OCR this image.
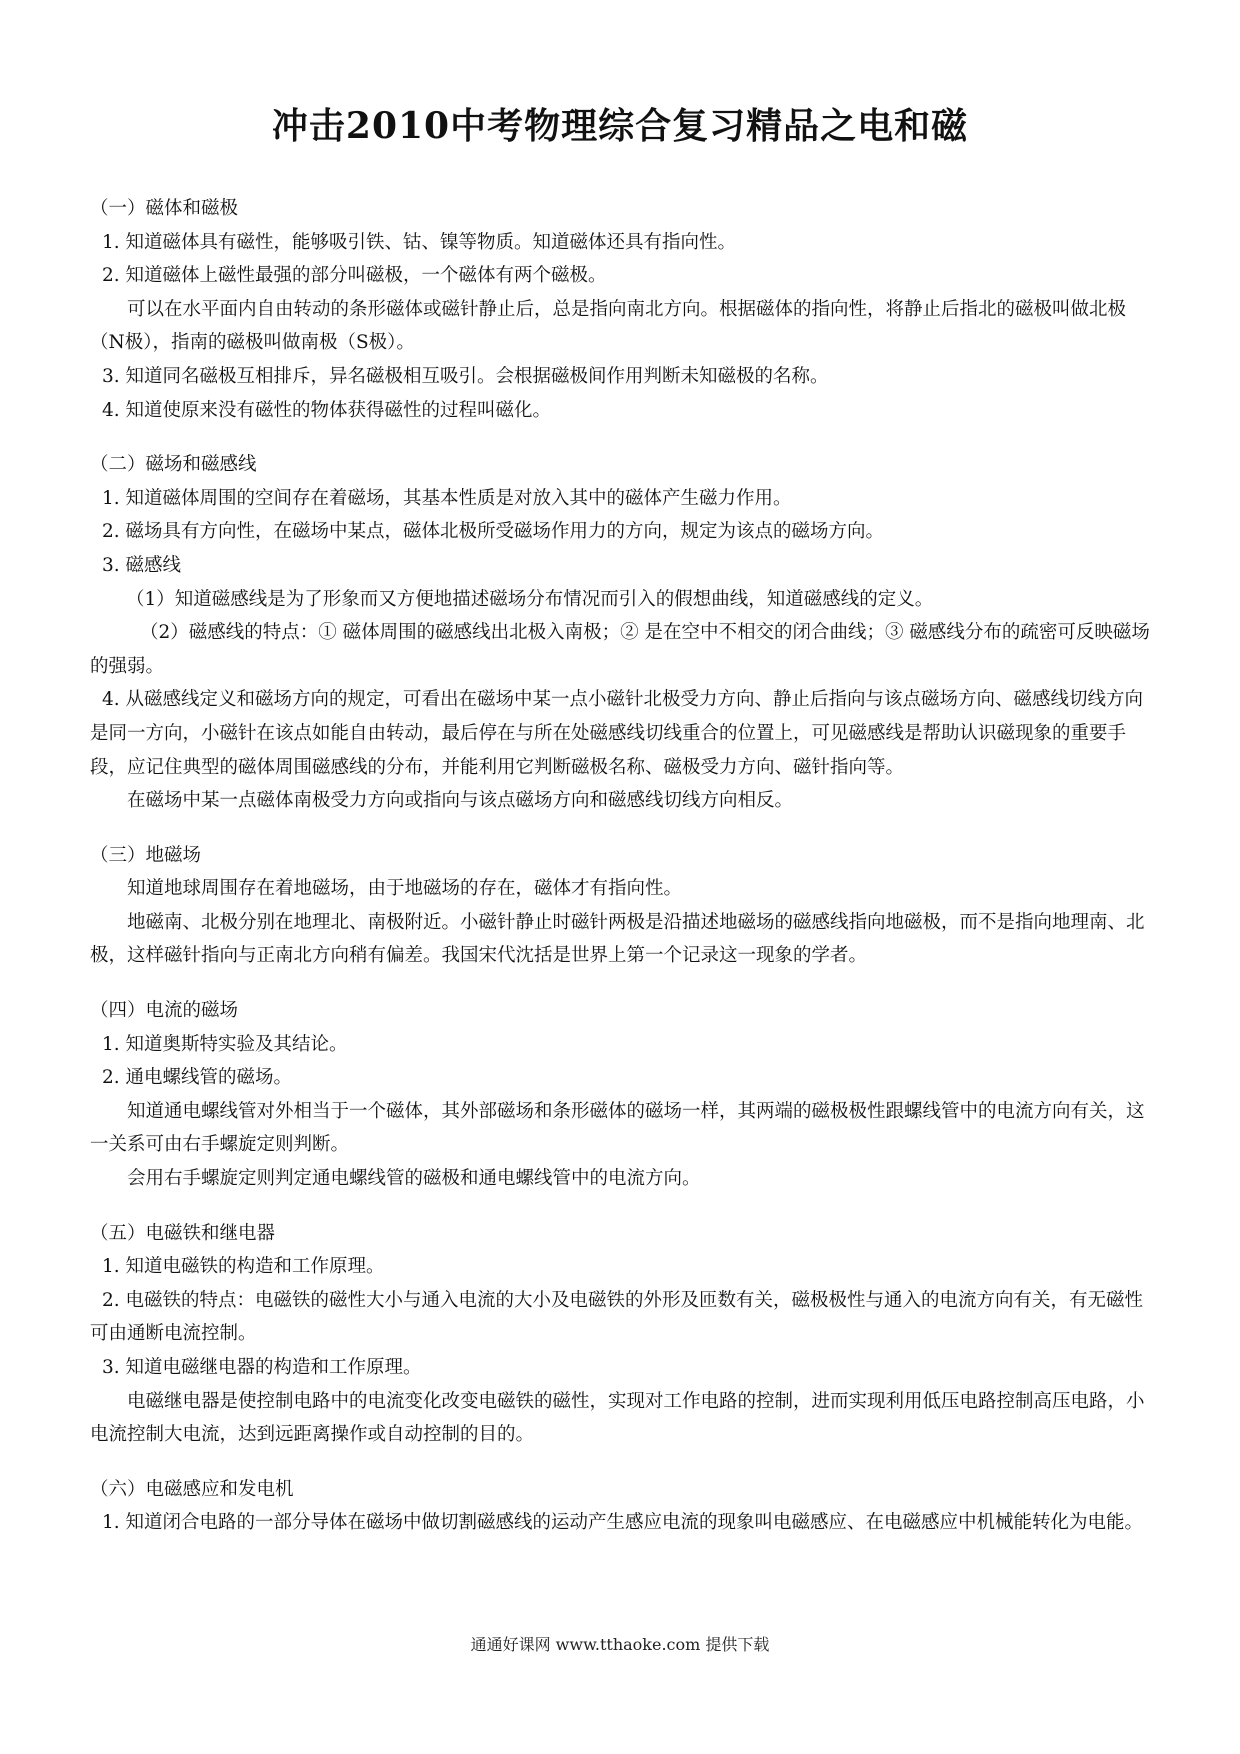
冲击2010中考物理综合复习精品之电和磁

（一）磁体和磁极

1. 知道磁体具有磁性，能够吸引铁、钴、镍等物质。知道磁体还具有指向性。

2. 知道磁体上磁性最强的部分叫磁极，一个磁体有两个磁极。

可以在水平面内自由转动的条形磁体或磁针静止后，总是指向南北方向。根据磁体的指向性，将静止后指北的磁极叫做北极（N极），指南的磁极叫做南极（S极）。

3. 知道同名磁极互相排斥，异名磁极相互吸引。会根据磁极间作用判断未知磁极的名称。

4. 知道使原来没有磁性的物体获得磁性的过程叫磁化。

（二）磁场和磁感线

1. 知道磁体周围的空间存在着磁场，其基本性质是对放入其中的磁体产生磁力作用。

2. 磁场具有方向性，在磁场中某点，磁体北极所受磁场作用力的方向，规定为该点的磁场方向。

3. 磁感线

（1）知道磁感线是为了形象而又方便地描述磁场分布情况而引入的假想曲线，知道磁感线的定义。

（2）磁感线的特点：① 磁体周围的磁感线出北极入南极；② 是在空中不相交的闭合曲线；③ 磁感线分布的疏密可反映磁场的强弱。

4. 从磁感线定义和磁场方向的规定，可看出在磁场中某一点小磁针北极受力方向、静止后指向与该点磁场方向、磁感线切线方向是同一方向，小磁针在该点如能自由转动，最后停在与所在处磁感线切线重合的位置上，可见磁感线是帮助认识磁现象的重要手段，应记住典型的磁体周围磁感线的分布，并能利用它判断磁极名称、磁极受力方向、磁针指向等。

在磁场中某一点磁体南极受力方向或指向与该点磁场方向和磁感线切线方向相反。

（三）地磁场

知道地球周围存在着地磁场，由于地磁场的存在，磁体才有指向性。

地磁南、北极分别在地理北、南极附近。小磁针静止时磁针两极是沿描述地磁场的磁感线指向地磁极，而不是指向地理南、北极，这样磁针指向与正南北方向稍有偏差。我国宋代沈括是世界上第一个记录这一现象的学者。

（四）电流的磁场

1. 知道奥斯特实验及其结论。

2. 通电螺线管的磁场。

知道通电螺线管对外相当于一个磁体，其外部磁场和条形磁体的磁场一样，其两端的磁极极性跟螺线管中的电流方向有关，这一关系可由右手螺旋定则判断。

会用右手螺旋定则判定通电螺线管的磁极和通电螺线管中的电流方向。

（五）电磁铁和继电器

1. 知道电磁铁的构造和工作原理。

2. 电磁铁的特点：电磁铁的磁性大小与通入电流的大小及电磁铁的外形及匝数有关，磁极极性与通入的电流方向有关，有无磁性可由通断电流控制。

3. 知道电磁继电器的构造和工作原理。

电磁继电器是使控制电路中的电流变化改变电磁铁的磁性，实现对工作电路的控制，进而实现利用低压电路控制高压电路，小电流控制大电流，达到远距离操作或自动控制的目的。

（六）电磁感应和发电机

1. 知道闭合电路的一部分导体在磁场中做切割磁感线的运动产生感应电流的现象叫电磁感应、在电磁感应中机械能转化为电能。

通通好课网 www.tthaoke.com 提供下载
